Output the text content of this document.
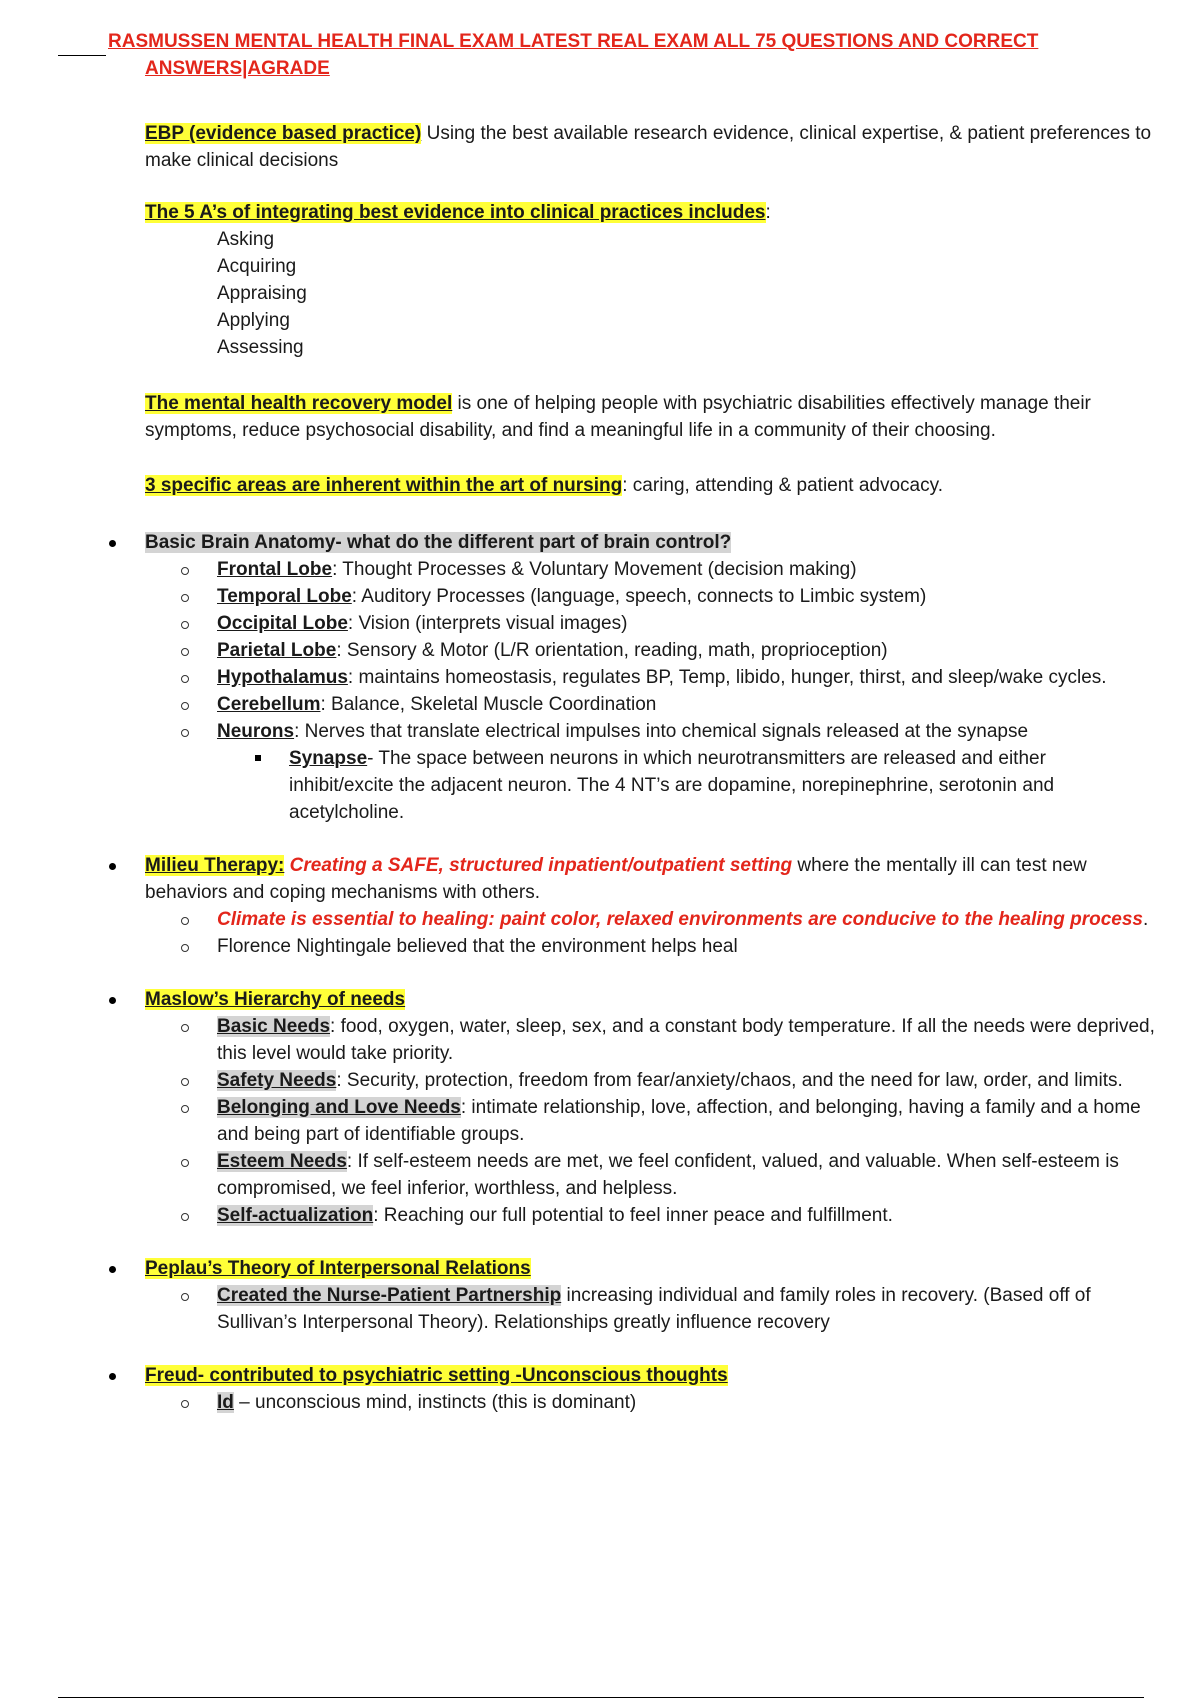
RASMUSSEN MENTAL HEALTH FINAL EXAM LATEST REAL EXAM ALL 75 QUESTIONS AND CORRECT
ANSWERS|AGRADE
EBP (evidence based practice) Using the best available research evidence, clinical expertise, & patient preferences to make clinical decisions
The 5 A’s of integrating best evidence into clinical practices includes:
Asking
Acquiring
Appraising
Applying
Assessing
The mental health recovery model is one of helping people with psychiatric disabilities effectively manage their symptoms, reduce psychosocial disability, and find a meaningful life in a community of their choosing.
3 specific areas are inherent within the art of nursing: caring, attending & patient advocacy.
Basic Brain Anatomy- what do the different part of brain control?
Frontal Lobe: Thought Processes & Voluntary Movement (decision making)
Temporal Lobe: Auditory Processes (language, speech, connects to Limbic system)
Occipital Lobe: Vision (interprets visual images)
Parietal Lobe: Sensory & Motor (L/R orientation, reading, math, proprioception)
Hypothalamus: maintains homeostasis, regulates BP, Temp, libido, hunger, thirst, and sleep/wake cycles.
Cerebellum: Balance, Skeletal Muscle Coordination
Neurons: Nerves that translate electrical impulses into chemical signals released at the synapse
Synapse- The space between neurons in which neurotransmitters are released and either inhibit/excite the adjacent neuron. The 4 NT’s are dopamine, norepinephrine, serotonin and acetylcholine.
Milieu Therapy: Creating a SAFE, structured inpatient/outpatient setting where the mentally ill can test new behaviors and coping mechanisms with others.
Climate is essential to healing: paint color, relaxed environments are conducive to the healing process.
Florence Nightingale believed that the environment helps heal
Maslow’s Hierarchy of needs
Basic Needs: food, oxygen, water, sleep, sex, and a constant body temperature. If all the needs were deprived, this level would take priority.
Safety Needs: Security, protection, freedom from fear/anxiety/chaos, and the need for law, order, and limits.
Belonging and Love Needs: intimate relationship, love, affection, and belonging, having a family and a home and being part of identifiable groups.
Esteem Needs: If self-esteem needs are met, we feel confident, valued, and valuable. When self-esteem is compromised, we feel inferior, worthless, and helpless.
Self-actualization: Reaching our full potential to feel inner peace and fulfillment.
Peplau’s Theory of Interpersonal Relations
Created the Nurse-Patient Partnership increasing individual and family roles in recovery. (Based off of Sullivan’s Interpersonal Theory). Relationships greatly influence recovery
Freud- contributed to psychiatric setting -Unconscious thoughts
Id – unconscious mind, instincts (this is dominant)
